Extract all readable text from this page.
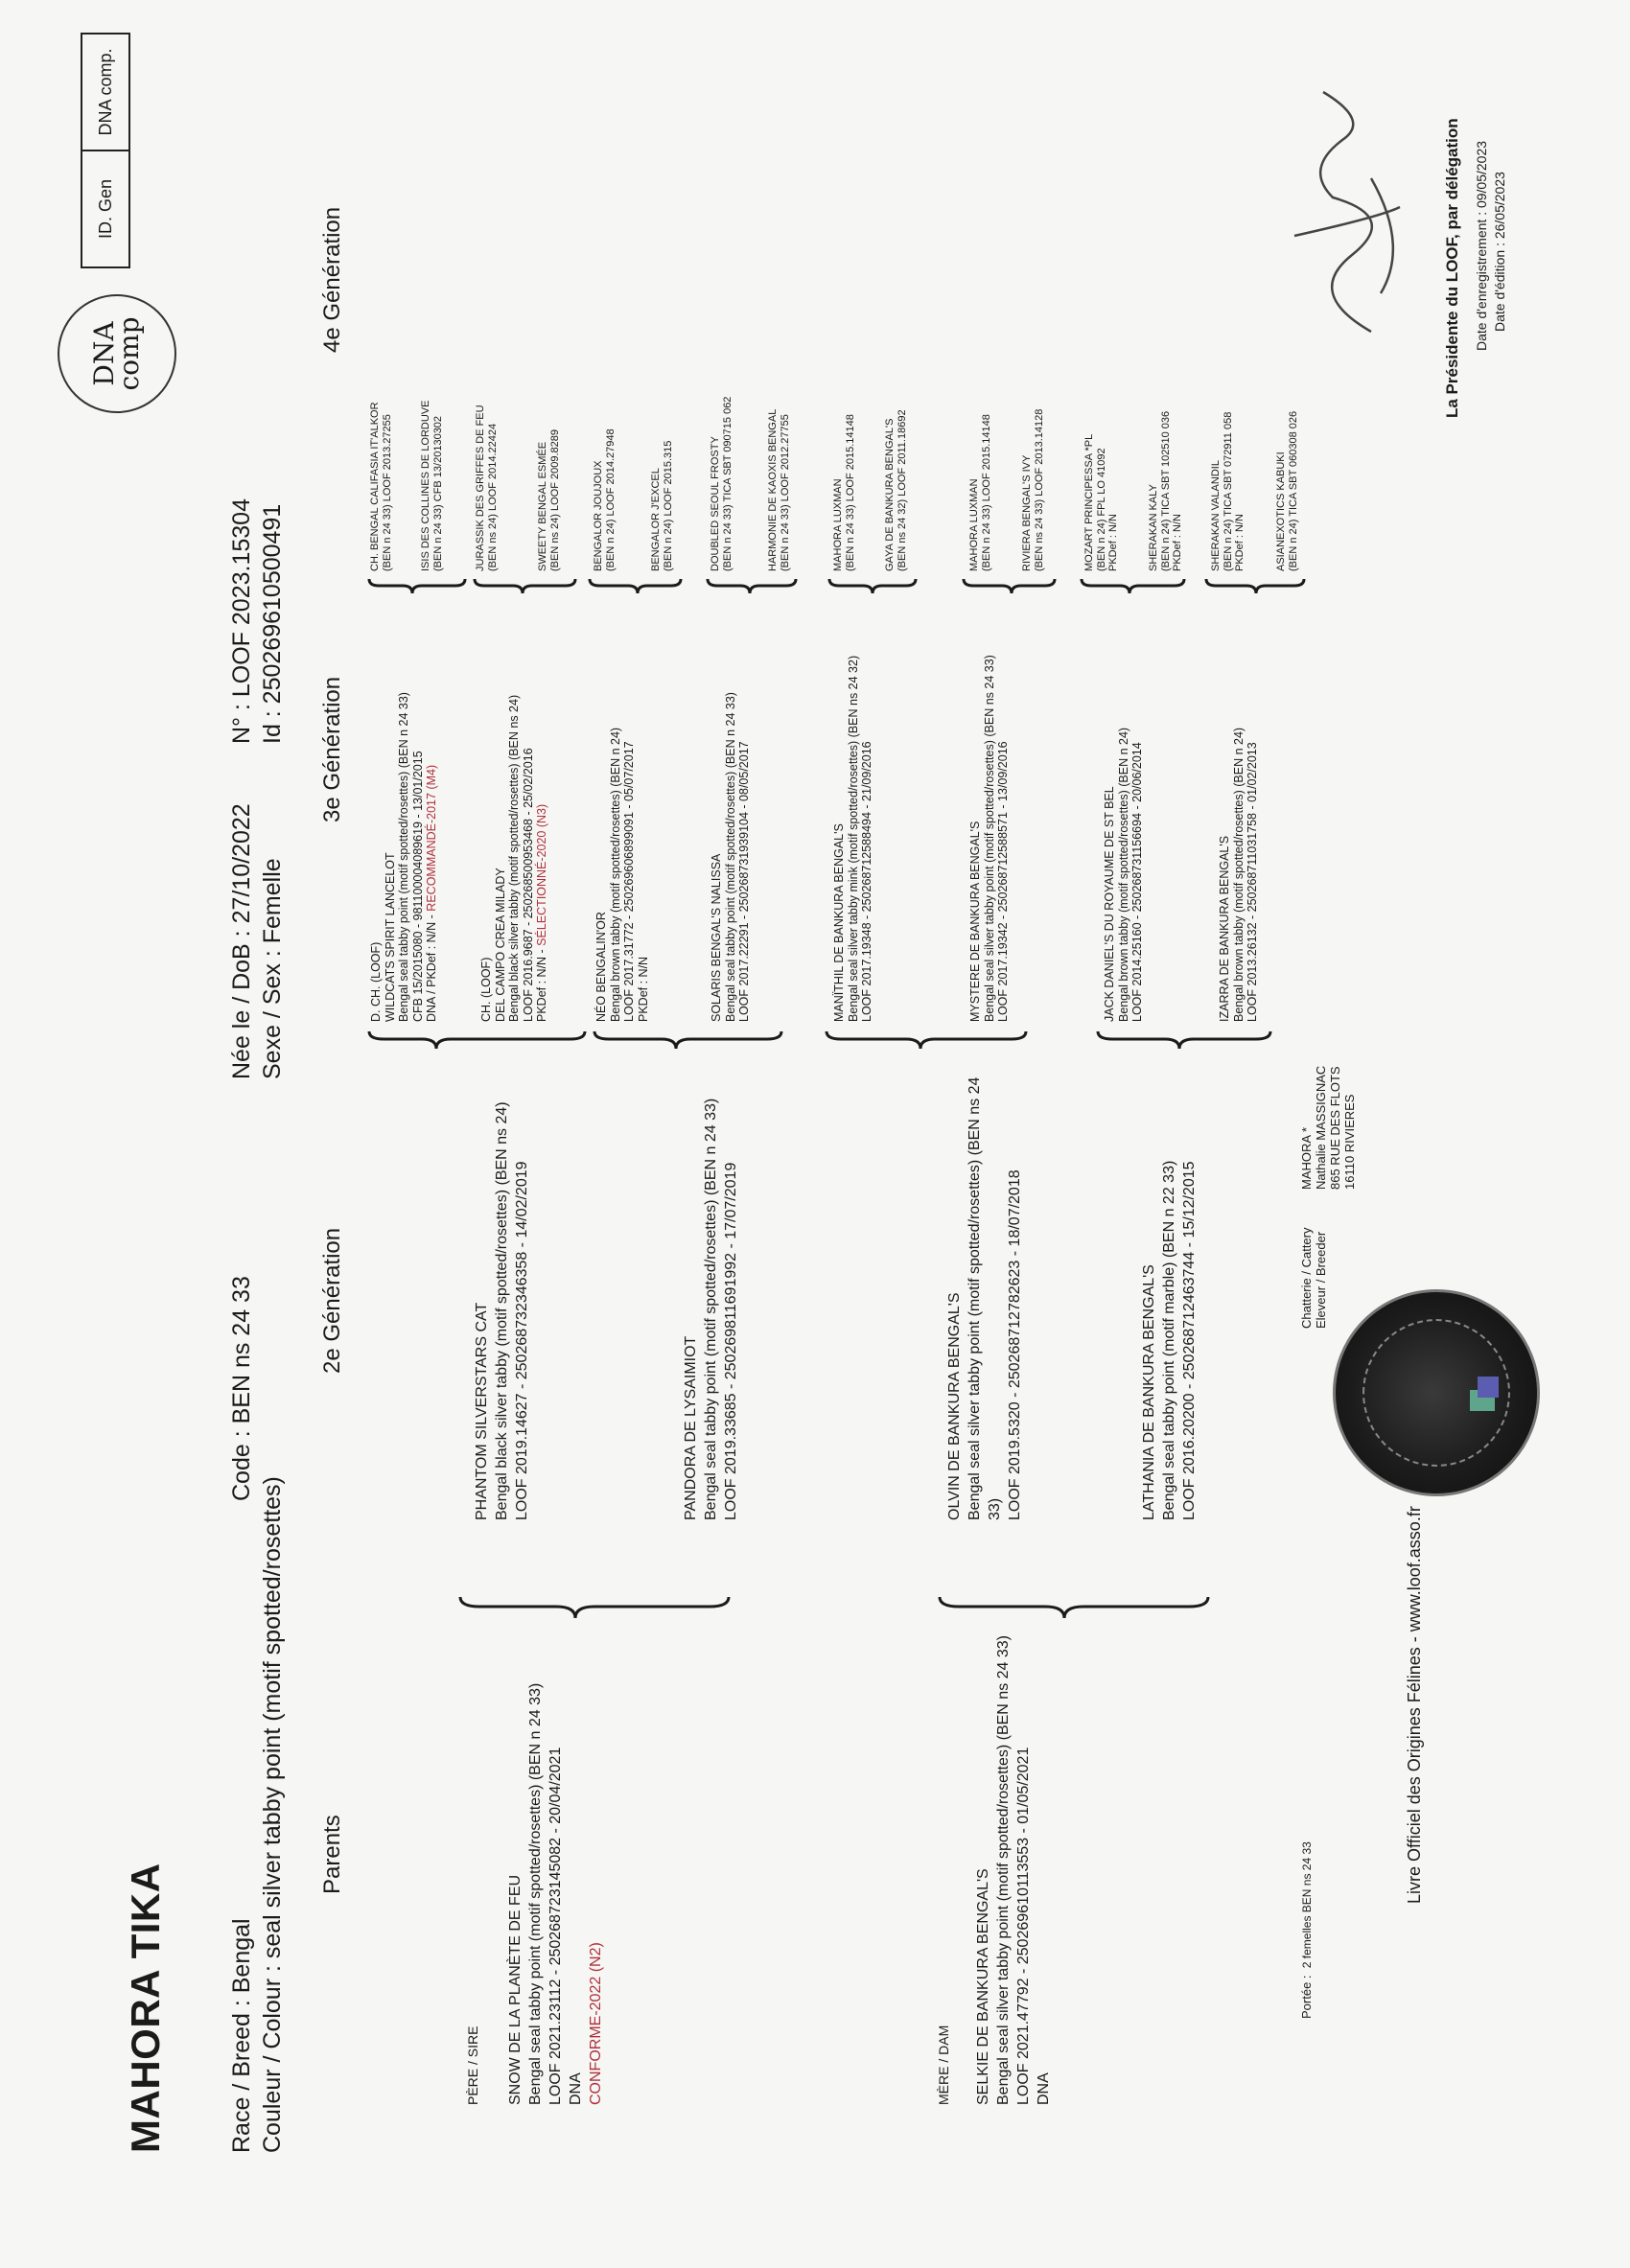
MAHORA TIKA	Race / Breed : Bengal
Code : BEN ns 24 33
Couleur / Colour : seal silver tabby point (motif spotted/rosettes)
Née le / DoB : 27/10/2022 Sexe / Sex : Femelle
N° : LOOF 2023.15304 Id : 250269610500491
DNA
comp
ID. Gen
DNA comp.
Parents
2e Génération
3e Génération
4e Génération
PÈRE / SIRE SNOW DE LA PLANÈTE DE FEU Bengal seal tabby point (motif spotted/rosettes) (BEN n 24 33) LOOF 2021.23112 - 250268723145082 - 20/04/2021 DNA CONFORME-2022 (N2)	MÈRE / DAM SELKIE DE BANKURA BENGAL'S Bengal seal silver tabby point (motif spotted/rosettes) (BEN ns 24 33) LOOF 2021.47792 - 250269610113553 - 01/05/2021 DNA
PHANTOM SILVERSTARS CAT Bengal black silver tabby (motif spotted/rosettes) (BEN ns 24) LOOF 2019.14627 - 250268732346358 - 14/02/2019	PANDORA DE LYSAIMIOT Bengal seal tabby point (motif spotted/rosettes) (BEN n 24 33) LOOF 2019.33685 - 250269811691992 - 17/07/2019	OLVIN DE BANKURA BENGAL'S Bengal seal silver tabby point (motif spotted/rosettes) (BEN ns 24 33) LOOF 2019.5320 - 250268712782623 - 18/07/2018	LATHANIA DE BANKURA BENGAL'S Bengal seal tabby point (motif marble) (BEN n 22 33) LOOF 2016.20200 - 250268712463744 - 15/12/2015
D. CH. (LOOF) WILDCATS SPIRIT LANCELOT Bengal seal tabby point (motif spotted/rosettes) (BEN n 24 33) CFB 15/2015080 - 981100004089619 - 13/01/2015 DNA / PKDef : N/N - RECOMMANDÉ-2017 (M4)
CH. (LOOF) DEL CAMPO CREA MILADY Bengal black silver tabby (motif spotted/rosettes) (BEN ns 24) LOOF 2016.9687 - 250268500953468 - 25/02/2016 PKDef : N/N - SÉLECTIONNÉ-2020 (N3)
NÉO BENGALIN'OR Bengal brown tabby (motif spotted/rosettes) (BEN n 24) LOOF 2017.31772 - 250269606899091 - 05/07/2017 PKDef : N/N	SOLARIS BENGAL'S NALISSA Bengal seal tabby point (motif spotted/rosettes) (BEN n 24 33) LOOF 2017.22291 - 250268731939104 - 08/05/2017	MANÏTHIL DE BANKURA BENGAL'S Bengal seal silver tabby mink (motif spotted/rosettes) (BEN ns 24 32) LOOF 2017.19348 - 250268712588494 - 21/09/2016	MYSTERE DE BANKURA BENGAL'S Bengal seal silver tabby point (motif spotted/rosettes) (BEN ns 24 33) LOOF 2017.19342 - 250268712588571 - 13/09/2016	JACK DANIEL'S DU ROYAUME DE ST BEL Bengal brown tabby (motif spotted/rosettes) (BEN n 24) LOOF 2014.25160 - 250268731156694 - 20/06/2014	IZARRA DE BANKURA BENGAL'S Bengal brown tabby (motif spotted/rosettes) (BEN n 24) LOOF 2013.26132 - 250268711031758 - 01/02/2013
CH. BENGAL CALIFASIA IT'ALKOR (BEN n 24 33) LOOF 2013.27255	ISIS DES COLLINES DE LORDUVE (BEN n 24 33) CFB 13/20130302	JURASSIK DES GRIFFES DE FEU (BEN ns 24) LOOF 2014.22424	SWEETY BENGAL ESMÉE (BEN ns 24) LOOF 2009.8289	BENGALOR JOUJOUX (BEN n 24) LOOF 2014.27948	BENGALOR J'EXCEL (BEN n 24) LOOF 2015.315	DOUBLED SEOUL FROSTY (BEN n 24 33) TICA SBT 090715 062	HARMONIE DE KAOXIS BENGAL (BEN n 24 33) LOOF 2012.27755	MAHORA LUXMAN (BEN n 24 33) LOOF 2015.14148	GAYA DE BANKURA BENGAL'S (BEN ns 24 32) LOOF 2011.18692	MAHORA LUXMAN (BEN n 24 33) LOOF 2015.14148	RIVIERA BENGAL'S IVY (BEN ns 24 33) LOOF 2013.14128	MOZART PRINCIPESSA *PL (BEN n 24) FPL LO 41092 PKDef : N/N	SHERAKAN KALY (BEN n 24) TICA SBT 102510 036 PKDef : N/N	SHERAKAN VALANDIL (BEN n 24) TICA SBT 072911 058 PKDef : N/N	ASIANEXOTICS KABUKI (BEN n 24) TICA SBT 060308 026
Chatterie / Cattery Eleveur / Breeder
MAHORA * Nathalie MASSIGNAC 865 RUE DES FLOTS 16110 RIVIERES
Portée :  2 femelles BEN ns 24 33
Livre Officiel des Origines Félines - www.loof.asso.fr
La Présidente du LOOF, par délégation Date d'enregistrement : 09/05/2023 Date d'édition : 26/05/2023
